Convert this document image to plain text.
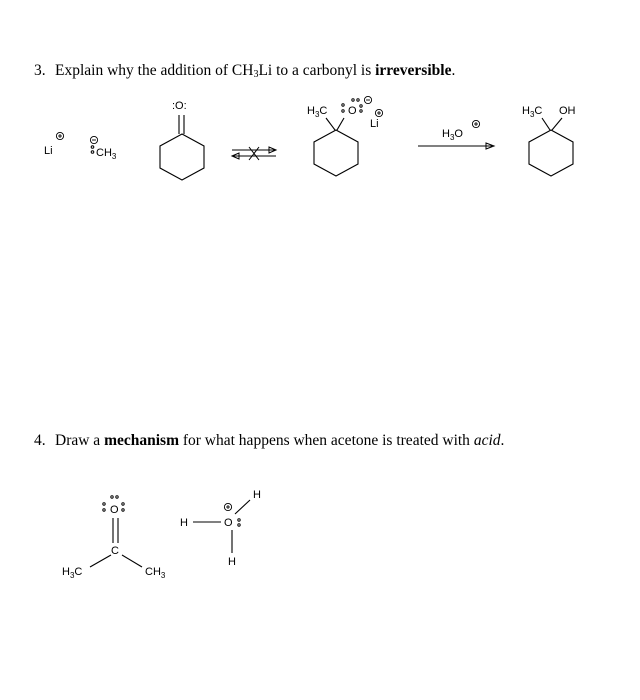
3. Explain why the addition of $CH_3Li$ to a carbonyl is irreversible.
4. Draw a mechanism for what happens when acetone is treated with acid.
Li	$CH_3$
:O:	$H_3C$ O
Li
$H_3O$
$H_3C$ OH
O
C
$H_3C$	$CH_3$
H
H	O
H
